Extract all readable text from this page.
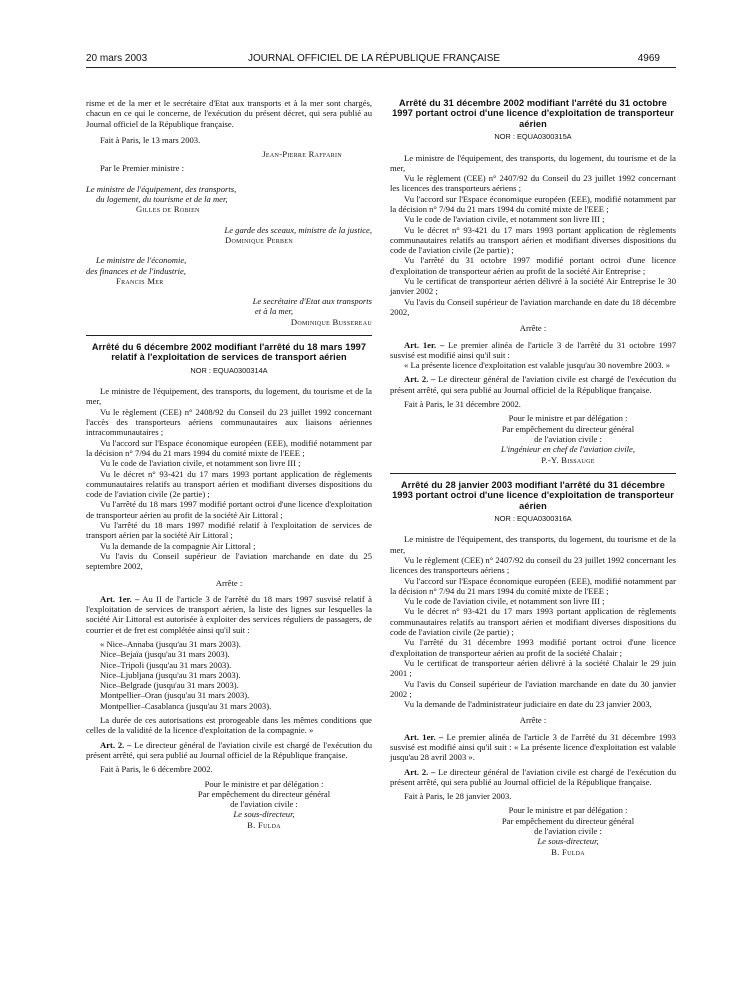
20 mars 2003	JOURNAL OFFICIEL DE LA RÉPUBLIQUE FRANÇAISE	4969

risme et de la mer et le secrétaire d'Etat aux transports et à la mer sont chargés, chacun en ce qui le concerne, de l'exécution du présent décret, qui sera publié au Journal officiel de la République française.

Fait à Paris, le 13 mars 2003.

Jean-Pierre Raffarin

Par le Premier ministre :

Le ministre de l'équipement, des transports,

du logement, du tourisme et de la mer,

Gilles de Robien

Le garde des sceaux, ministre de la justice,

Dominique Perben

Le ministre de l'économie,

des finances et de l'industrie,

Francis Mer

Le secrétaire d'Etat aux transports

et à la mer,

Dominique Bussereau

Arrêté du 6 décembre 2002 modifiant l'arrêté du 18 mars 1997 relatif à l'exploitation de services de transport aérien

NOR : EQUA0300314A

Le ministre de l'équipement, des transports, du logement, du tourisme et de la mer,

Vu le règlement (CEE) n° 2408/92 du Conseil du 23 juillet 1992 concernant l'accès des transporteurs aériens communautaires aux liaisons aériennes intracommunautaires ;

Vu l'accord sur l'Espace économique européen (EEE), modifié notamment par la décision n° 7/94 du 21 mars 1994 du comité mixte de l'EEE ;

Vu le code de l'aviation civile, et notamment son livre III ;

Vu le décret n° 93-421 du 17 mars 1993 portant application de règlements communautaires relatifs au transport aérien et modifiant diverses dispositions du code de l'aviation civile (2e partie) ;

Vu l'arrêté du 18 mars 1997 modifié portant octroi d'une licence d'exploitation de transporteur aérien au profit de la société Air Littoral ;

Vu l'arrêté du 18 mars 1997 modifié relatif à l'exploitation de services de transport aérien par la société Air Littoral ;

Vu la demande de la compagnie Air Littoral ;

Vu l'avis du Conseil supérieur de l'aviation marchande en date du 25 septembre 2002,

Arrête :

Art. 1er. – Au II de l'article 3 de l'arrêté du 18 mars 1997 susvisé relatif à l'exploitation de services de transport aérien, la liste des lignes sur lesquelles la société Air Littoral est autorisée à exploiter des services réguliers de passagers, de courrier et de fret est complétée ainsi qu'il suit :

« Nice–Annaba (jusqu'au 31 mars 2003).

Nice–Bejaïa (jusqu'au 31 mars 2003).

Nice–Tripoli (jusqu'au 31 mars 2003).

Nice–Ljubljana (jusqu'au 31 mars 2003).

Nice–Belgrade (jusqu'au 31 mars 2003).

Montpellier–Oran (jusqu'au 31 mars 2003).

Montpellier–Casablanca (jusqu'au 31 mars 2003).

La durée de ces autorisations est prorogeable dans les mêmes conditions que celles de la validité de la licence d'exploitation de la compagnie. »

Art. 2. – Le directeur général de l'aviation civile est chargé de l'exécution du présent arrêté, qui sera publié au Journal officiel de la République française.

Fait à Paris, le 6 décembre 2002.

Pour le ministre et par délégation :

Par empêchement du directeur général

de l'aviation civile :

Le sous-directeur,

B. Fulda

Arrêté du 31 décembre 2002 modifiant l'arrêté du 31 octobre 1997 portant octroi d'une licence d'exploitation de transporteur aérien

NOR : EQUA0300315A

Le ministre de l'équipement, des transports, du logement, du tourisme et de la mer,

Vu le règlement (CEE) n° 2407/92 du Conseil du 23 juillet 1992 concernant les licences des transporteurs aériens ;

Vu l'accord sur l'Espace économique européen (EEE), modifié notamment par la décision n° 7/94 du 21 mars 1994 du comité mixte de l'EEE ;

Vu le code de l'aviation civile, et notamment son livre III ;

Vu le décret n° 93-421 du 17 mars 1993 portant application de règlements communautaires relatifs au transport aérien et modifiant diverses dispositions du code de l'aviation civile (2e partie) ;

Vu l'arrêté du 31 octobre 1997 modifié portant octroi d'une licence d'exploitation de transporteur aérien au profit de la société Air Entreprise ;

Vu le certificat de transporteur aérien délivré à la société Air Entreprise le 30 janvier 2002 ;

Vu l'avis du Conseil supérieur de l'aviation marchande en date du 18 décembre 2002,

Arrête :

Art. 1er. – Le premier alinéa de l'article 3 de l'arrêté du 31 octobre 1997 susvisé est modifié ainsi qu'il suit :

« La présente licence d'exploitation est valable jusqu'au 30 novembre 2003. »

Art. 2. – Le directeur général de l'aviation civile est chargé de l'exécution du présent arrêté, qui sera publié au Journal officiel de la République française.

Fait à Paris, le 31 décembre 2002.

Pour le ministre et par délégation :

Par empêchement du directeur général

de l'aviation civile :

L'ingénieur en chef de l'aviation civile,

P.-Y. Bissauge

Arrêté du 28 janvier 2003 modifiant l'arrêté du 31 décembre 1993 portant octroi d'une licence d'exploitation de transporteur aérien

NOR : EQUA0300316A

Le ministre de l'équipement, des transports, du logement, du tourisme et de la mer,

Vu le règlement (CEE) n° 2407/92 du conseil du 23 juillet 1992 concernant les licences des transporteurs aériens ;

Vu l'accord sur l'Espace économique européen (EEE), modifié notamment par la décision n° 7/94 du 21 mars 1994 du comité mixte de l'EEE ;

Vu le code de l'aviation civile, et notamment son livre III ;

Vu le décret n° 93-421 du 17 mars 1993 portant application de règlements communautaires relatifs au transport aérien et modifiant diverses dispositions du code de l'aviation civile (2e partie) ;

Vu l'arrêté du 31 décembre 1993 modifié portant octroi d'une licence d'exploitation de transporteur aérien au profit de la société Chalair ;

Vu le certificat de transporteur aérien délivré à la société Chalair le 29 juin 2001 ;

Vu l'avis du Conseil supérieur de l'aviation marchande en date du 30 janvier 2002 ;

Vu la demande de l'administrateur judiciaire en date du 23 janvier 2003,

Arrête :

Art. 1er. – Le premier alinéa de l'article 3 de l'arrêté du 31 décembre 1993 susvisé est modifié ainsi qu'il suit : « La présente licence d'exploitation est valable jusqu'au 28 avril 2003 ».

Art. 2. – Le directeur général de l'aviation civile est chargé de l'exécution du présent arrêté, qui sera publié au Journal officiel de la République française.

Fait à Paris, le 28 janvier 2003.

Pour le ministre et par délégation :

Par empêchement du directeur général

de l'aviation civile :

Le sous-directeur,

B. Fulda
